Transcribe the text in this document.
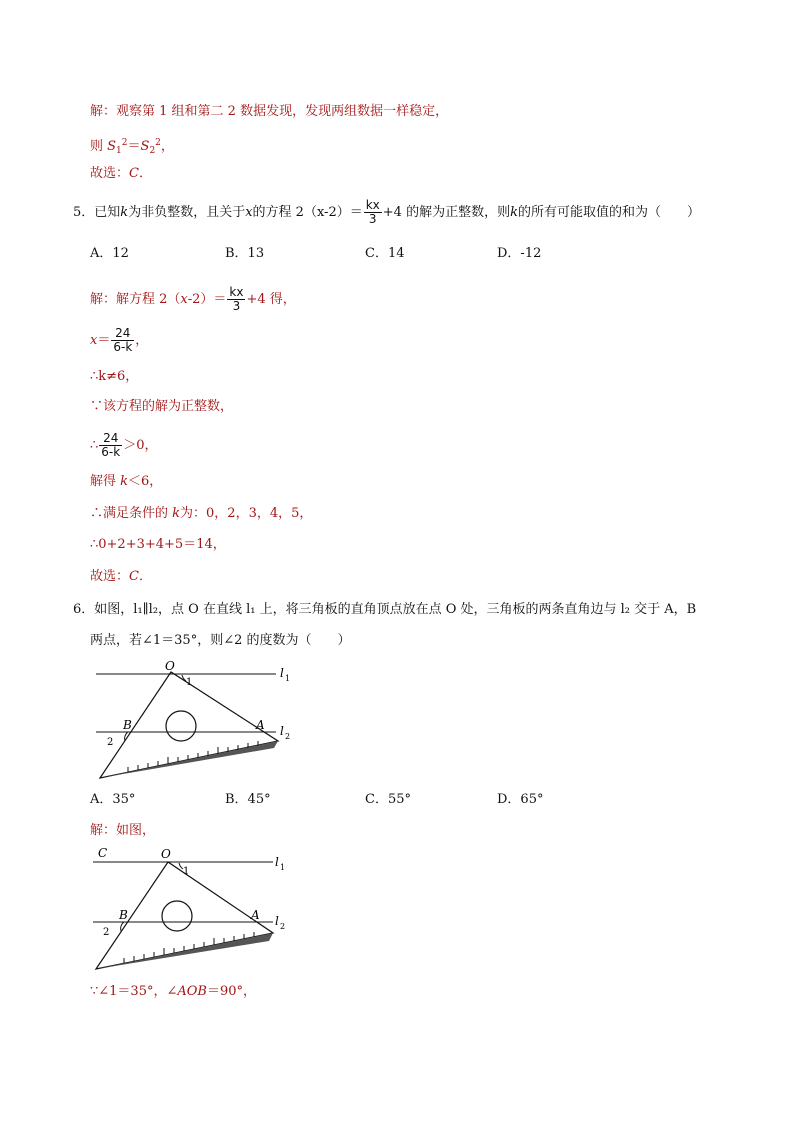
解：观察第 1 组和第二 2 数据发现，发现两组数据一样稳定，
则 $S_1^2=S_2^2$，
故选：C．
5．已知k为非负整数，且关于x的方程 $2(x-2)= \frac{kx}{3} +4$ 的解为正整数，则k的所有可能取值的和为（　　）
A．12	B．13	C．14	D．-12
解：解方程 $2(x-2)= \frac{kx}{3} +4$ 得，
$x= \frac{24}{6-k}$ ，
∴k≠6，
∵该方程的解为正整数，
∴ $\frac{24}{6-k} >0$，
解得 k＜6，
∴满足条件的 k为：0，2，3，4，5，
∴0+2+3+4+5＝14，
故选：C．
6．如图，l₁∥l₂，点 O 在直线 l₁ 上，将三角板的直角顶点放在点 O 处，三角板的两条直角边与 l₂ 交于 A，B
两点，若∠1＝35°，则∠2 的度数为（　　）
O
1
l 1
B	A l 2
2
A．35°	B．45°	C．55°	D．65°
解：如图，
C	O
1
l 1
B	A l 2
2
∵∠1＝35°，∠AOB＝90°，
